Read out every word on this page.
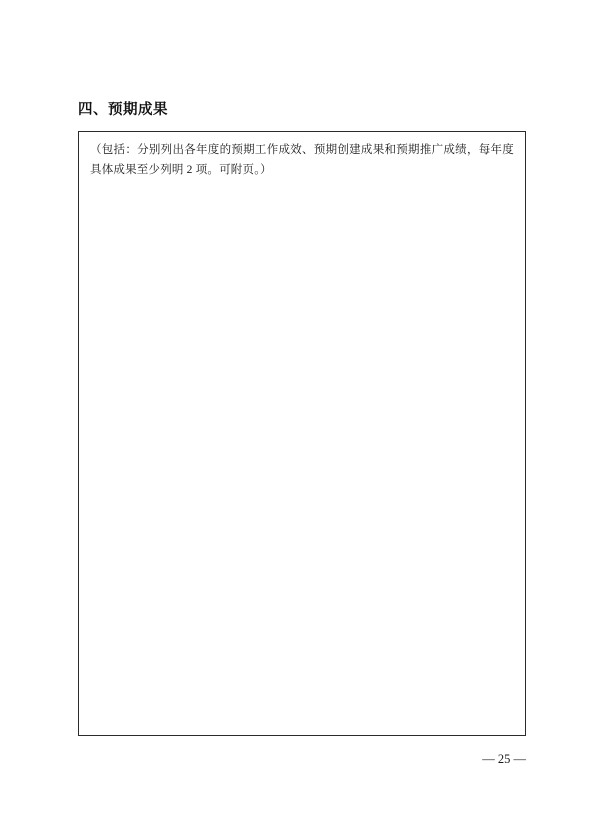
四、预期成果
（包括：分别列出各年度的预期工作成效、预期创建成果和预期推广成绩，每年度具体成果至少列明 2 项。可附页。）
— 25 —
